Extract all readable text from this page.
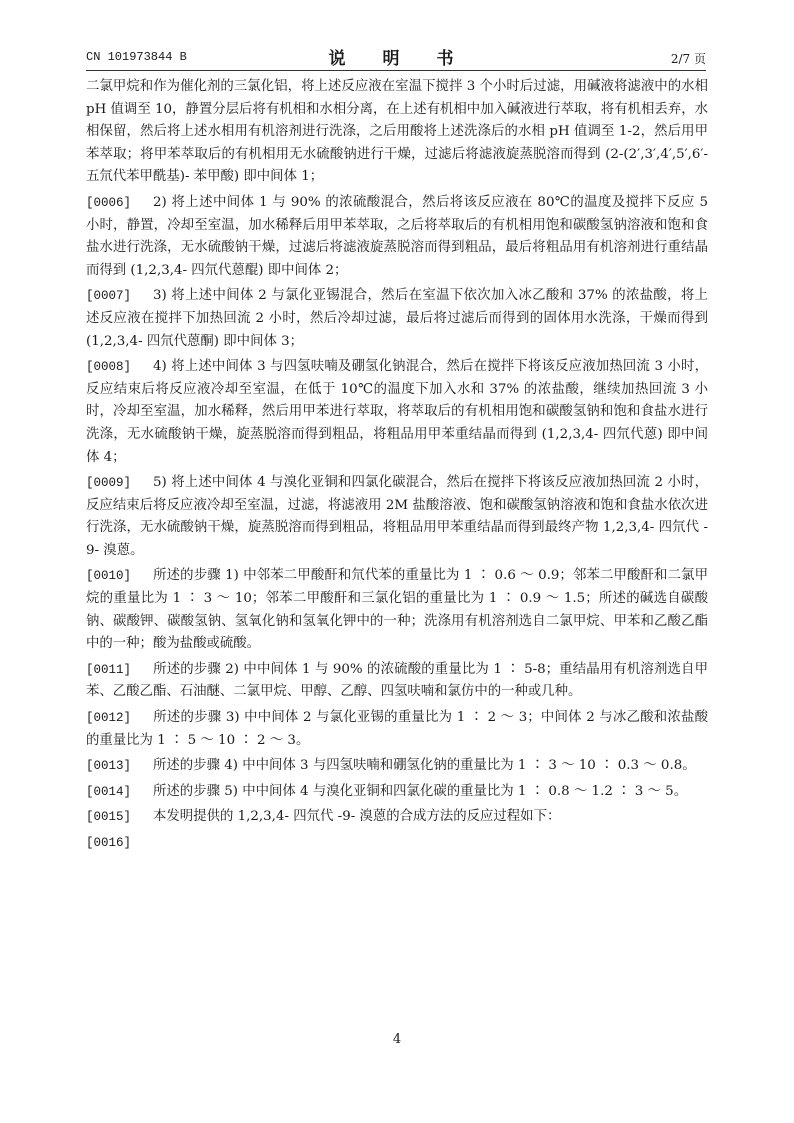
CN 101973844 B	说　明　书	2/7 页

二氯甲烷和作为催化剂的三氯化铝，将上述反应液在室温下搅拌 3 个小时后过滤，用碱液将滤液中的水相 pH 值调至 10，静置分层后将有机相和水相分离，在上述有机相中加入碱液进行萃取，将有机相丢弃，水相保留，然后将上述水相用有机溶剂进行洗涤，之后用酸将上述洗涤后的水相 pH 值调至 1-2，然后用甲苯萃取；将甲苯萃取后的有机相用无水硫酸钠进行干燥，过滤后将滤液旋蒸脱溶而得到 (2-(2′,3′,4′,5′,6′- 五氘代苯甲酰基)- 苯甲酸) 即中间体 1；

[0006] 2) 将上述中间体 1 与 90% 的浓硫酸混合，然后将该反应液在 80℃的温度及搅拌下反应 5 小时，静置，冷却至室温，加水稀释后用甲苯萃取，之后将萃取后的有机相用饱和碳酸氢钠溶液和饱和食盐水进行洗涤，无水硫酸钠干燥，过滤后将滤液旋蒸脱溶而得到粗品，最后将粗品用有机溶剂进行重结晶而得到 (1,2,3,4- 四氘代蒽醌) 即中间体 2；

[0007] 3) 将上述中间体 2 与氯化亚锡混合，然后在室温下依次加入冰乙酸和 37% 的浓盐酸，将上述反应液在搅拌下加热回流 2 小时，然后冷却过滤，最后将过滤后而得到的固体用水洗涤，干燥而得到 (1,2,3,4- 四氘代蒽酮) 即中间体 3；

[0008] 4) 将上述中间体 3 与四氢呋喃及硼氢化钠混合，然后在搅拌下将该反应液加热回流 3 小时，反应结束后将反应液冷却至室温，在低于 10℃的温度下加入水和 37% 的浓盐酸，继续加热回流 3 小时，冷却至室温，加水稀释，然后用甲苯进行萃取，将萃取后的有机相用饱和碳酸氢钠和饱和食盐水进行洗涤，无水硫酸钠干燥，旋蒸脱溶而得到粗品，将粗品用甲苯重结晶而得到 (1,2,3,4- 四氘代蒽) 即中间体 4；

[0009] 5) 将上述中间体 4 与溴化亚铜和四氯化碳混合，然后在搅拌下将该反应液加热回流 2 小时，反应结束后将反应液冷却至室温，过滤，将滤液用 2M 盐酸溶液、饱和碳酸氢钠溶液和饱和食盐水依次进行洗涤，无水硫酸钠干燥，旋蒸脱溶而得到粗品，将粗品用甲苯重结晶而得到最终产物 1,2,3,4- 四氘代 -9- 溴蒽。

[0010] 所述的步骤 1) 中邻苯二甲酸酐和氘代苯的重量比为 1 ∶ 0.6 ～ 0.9；邻苯二甲酸酐和二氯甲烷的重量比为 1 ∶ 3 ～ 10；邻苯二甲酸酐和三氯化铝的重量比为 1 ∶ 0.9 ～ 1.5；所述的碱选自碳酸钠、碳酸钾、碳酸氢钠、氢氧化钠和氢氧化钾中的一种；洗涤用有机溶剂选自二氯甲烷、甲苯和乙酸乙酯中的一种；酸为盐酸或硫酸。

[0011] 所述的步骤 2) 中中间体 1 与 90% 的浓硫酸的重量比为 1 ∶ 5-8；重结晶用有机溶剂选自甲苯、乙酸乙酯、石油醚、二氯甲烷、甲醇、乙醇、四氢呋喃和氯仿中的一种或几种。

[0012] 所述的步骤 3) 中中间体 2 与氯化亚锡的重量比为 1 ∶ 2 ～ 3；中间体 2 与冰乙酸和浓盐酸的重量比为 1 ∶ 5 ～ 10 ∶ 2 ～ 3。

[0013] 所述的步骤 4) 中中间体 3 与四氢呋喃和硼氢化钠的重量比为 1 ∶ 3 ～ 10 ∶ 0.3 ～ 0.8。

[0014] 所述的步骤 5) 中中间体 4 与溴化亚铜和四氯化碳的重量比为 1 ∶ 0.8 ～ 1.2 ∶ 3 ～ 5。

[0015] 本发明提供的 1,2,3,4- 四氘代 -9- 溴蒽的合成方法的反应过程如下：

[0016]

4
